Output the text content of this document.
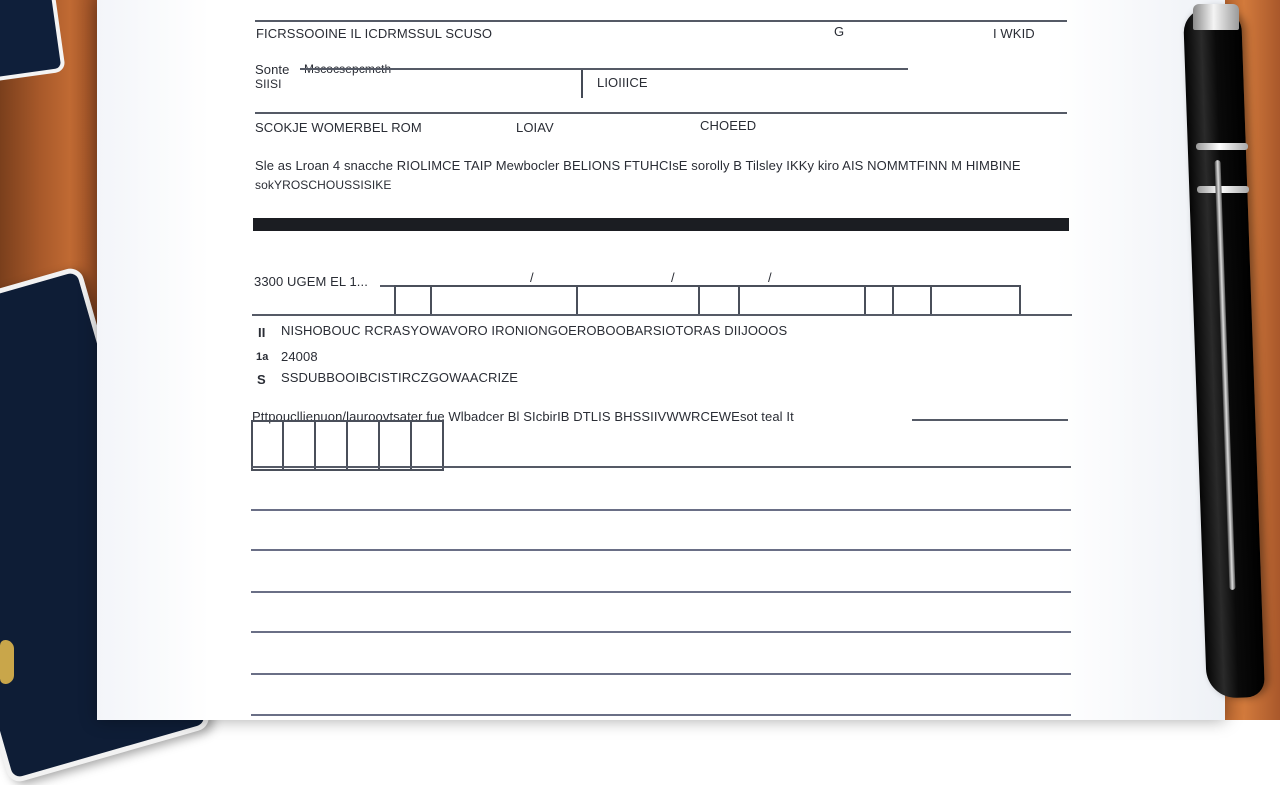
FICRSSOOINE IL ICDRMSSUL SCUSO	G	I WKID
Sonte
SIISI	LIOIIICE
SCOKJE WOMERBEL ROM	LOIAV	CHOEED
Sle as Lroan 4 snacche RIOLIMCE TAIP Mewbocler BELIONS FTUHCIsE sorolly B Tilsley IKKy kiro AIS NOMMTFINN M HIMBINE
sokYROSCHOUSSISIKE
3300 UGEM EL 1...	/	/	/
II NISHOBOUC RCRASYOWAVORO IRONIONGOEROBOOBARSIOTORAS DIIJOOOS
1a 24008
S SSDUBBOOIBCISTIRCZGOWAACRIZE
Pttpoucllienuon/lauroovtsater fue Wlbadcer Bl SIcbirIB DTLIS BHSSIIVWWRCEWEsot teal It
